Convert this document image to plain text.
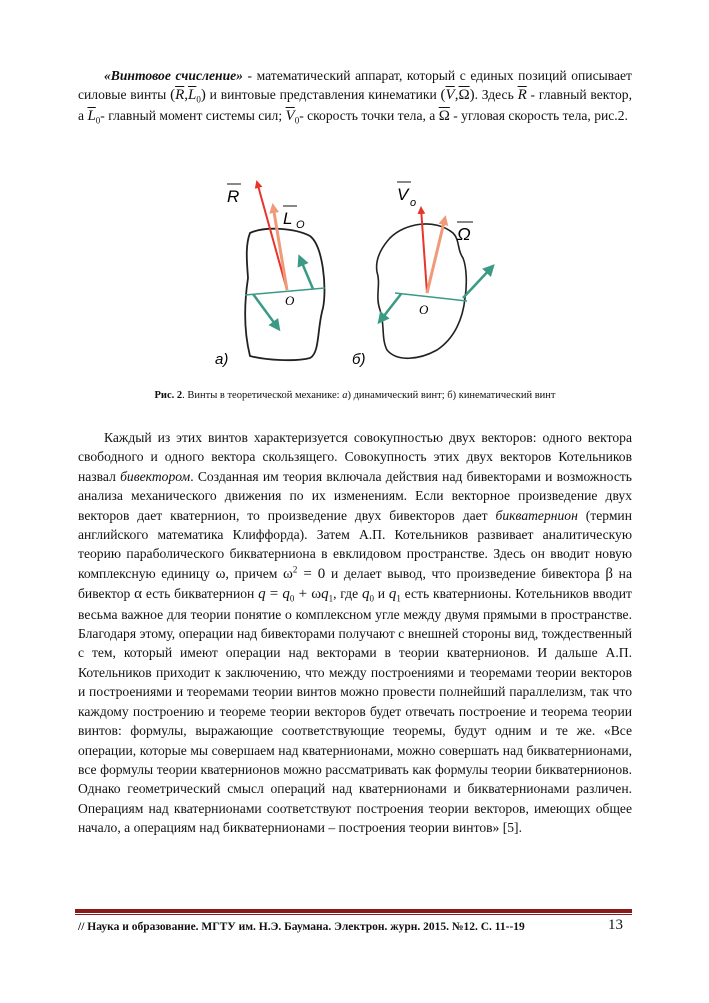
«Винтовое счисление» - математический аппарат, который с единых позиций описывает силовые винты $(\overline{R},\overline{L}_0)$ и винтовые представления кинематики $(\overline{V},\overline{\Omega})$. Здесь $\overline{R}$ - главный вектор, а $\overline{L}_0-$ главный момент системы сил; $\overline{V}_0-$ скорость точки тела, а $\overline{\Omega}$ - угловая скорость тела, рис.2.
R
L O
V o
Ω
O
O
а)	б)
Рис. 2. Винты в теоретической механике: а) динамический винт; б) кинематический винт
Каждый из этих винтов характеризуется совокупностью двух векторов: одного вектора свободного и одного вектора скользящего. Совокупность этих двух векторов Котельников назвал бивектором. Созданная им теория включала действия над бивекторами и возможность анализа механического движения по их изменениям. Если векторное произведение двух векторов дает кватернион, то произведение двух бивекторов дает бикватернион (термин английского математика Клиффорда). Затем А.П. Котельников развивает аналитическую теорию параболического бикватерниона в евклидовом пространстве. Здесь он вводит новую комплексную единицу ω, причем $\omega^2 = 0$ и делает вывод, что произведение бивектора β на бивектор α есть бикватернион $q = q_0 + \omega q_1$, где $q_0$ и $q_1$ есть кватернионы. Котельников вводит весьма важное для теории понятие о комплексном угле между двумя прямыми в пространстве. Благодаря этому, операции над бивекторами получают с внешней стороны вид, тождественный с тем, который имеют операции над векторами в теории кватернионов. И дальше А.П. Котельников приходит к заключению, что между построениями и теоремами теории векторов и построениями и теоремами теории винтов можно провести полнейший параллелизм, так что каждому построению и теореме теории векторов будет отвечать построение и теорема теории винтов: формулы, выражающие соответствующие теоремы, будут одним и те же. «Все операции, которые мы совершаем над кватернионами, можно совершать над бикватернионами, все формулы теории кватернионов можно рассматривать как формулы теории бикватернионов. Однако геометрический смысл операций над кватернионами и бикватернионами различен. Операциям над кватернионами соответствуют построения теории векторов, имеющих общее начало, а операциям над бикватернионами – построения теории винтов» [5].
// Наука и образование. МГТУ им. Н.Э. Баумана. Электрон. журн. 2015. №12. С. 11--19	13
